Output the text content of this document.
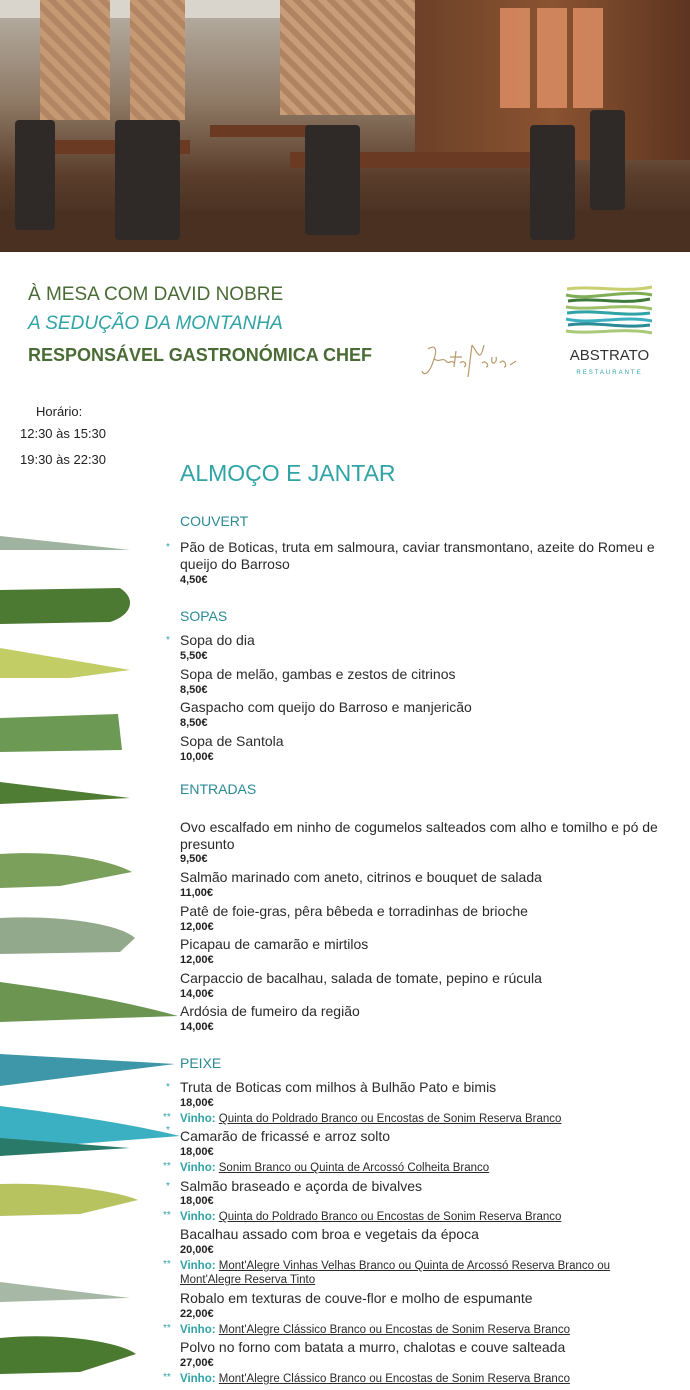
À MESA COM DAVID NOBRE
A SEDUÇÃO DA MONTANHA
RESPONSÁVEL GASTRONÓMICA CHEF	ABSTRATO
RESTAURANTE
Horário:
12:30 às 15:30
19:30 às 22:30
ALMOÇO E JANTAR
COUVERT
* Pão de Boticas, truta em salmoura, caviar transmontano, azeite do Romeu e queijo do Barroso
4,50€
SOPAS
* Sopa do dia
5,50€
Sopa de melão, gambas e zestos de citrinos
8,50€
Gaspacho com queijo do Barroso e manjericão
8,50€
Sopa de Santola
10,00€
ENTRADAS
Ovo escalfado em ninho de cogumelos salteados com alho e tomilho e pó de presunto
9,50€
Salmão marinado com aneto, citrinos e bouquet de salada
11,00€
Patê de foie-gras, pêra bêbeda e torradinhas de brioche
12,00€
Picapau de camarão e mirtilos
12,00€
Carpaccio de bacalhau, salada de tomate, pepino e rúcula
14,00€
Ardósia de fumeiro da região
14,00€
PEIXE
* Truta de Boticas com milhos à Bulhão Pato e bimis
18,00€
** Vinho: Quinta do Poldrado Branco ou Encostas de Sonim Reserva Branco
* Camarão de fricassé e arroz solto
18,00€
** Vinho: Sonim Branco ou Quinta de Arcossó Colheita Branco
* Salmão braseado e açorda de bivalves
18,00€
** Vinho: Quinta do Poldrado Branco ou Encostas de Sonim Reserva Branco
Bacalhau assado com broa e vegetais da época
20,00€
** Vinho: Mont'Alegre Vinhas Velhas Branco ou Quinta de Arcossó Reserva Branco ou Mont'Alegre Reserva Tinto
Robalo em texturas de couve-flor e molho de espumante
22,00€
** Vinho: Mont'Alegre Clássico Branco ou Encostas de Sonim Reserva Branco
Polvo no forno com batata a murro, chalotas e couve salteada
27,00€
** Vinho: Mont'Alegre Clássico Branco ou Encostas de Sonim Reserva Branco
